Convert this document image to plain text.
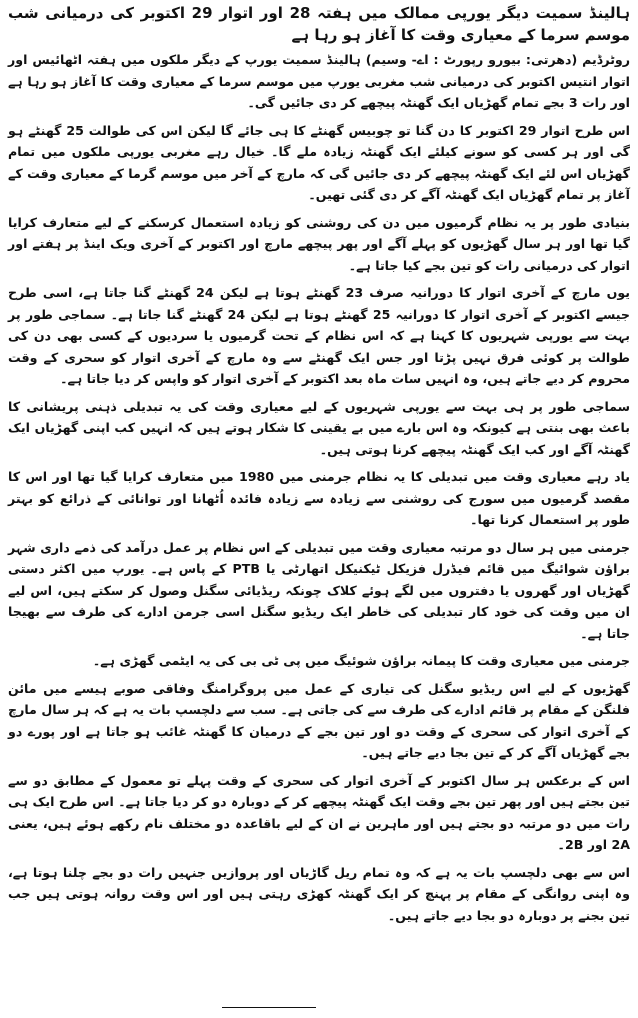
ہالینڈ سمیت دیگر یورپی ممالک میں ہفتہ 28 اور اتوار 29 اکتوبر کی درمیانی شب موسم سرما کے معیاری وقت کا آغاز ہو رہا ہے

روٹرڈیم (دھرتی: بیورو رپورٹ : اے- وسیم) ہالینڈ سمیت یورپ کے دیگر ملکوں میں ہفتہ اٹھائیس اور اتوار انتیس اکتوبر کی درمیانی شب مغربی یورپ میں موسم سرما کے معیاری وقت کا آغاز ہو رہا ہے اور رات 3 بجے تمام گھڑیاں ایک گھنٹہ پیچھے کر دی جائیں گی۔

اس طرح اتوار 29 اکتوبر کا دن گنا تو چوبیس گھنٹے کا ہی جائے گا لیکن اس کی طوالت 25 گھنٹے ہو گی اور ہر کسی کو سونے کیلئے ایک گھنٹہ زیادہ ملے گا۔ خیال رہے مغربی یورپی ملکوں میں تمام گھڑیاں اس لئے ایک گھنٹہ پیچھے کر دی جائیں گی کہ مارچ کے آخر میں موسم گرما کے معیاری وقت کے آغاز پر تمام گھڑیاں ایک گھنٹہ آگے کر دی گئی تھیں۔

بنیادی طور پر یہ نظام گرمیوں میں دن کی روشنی کو زیادہ استعمال کرسکنے کے لیے متعارف کرایا گیا تھا اور ہر سال گھڑیوں کو پہلے آگے اور پھر پیچھے مارچ اور اکتوبر کے آخری ویک اینڈ پر ہفتے اور اتوار کی درمیانی رات کو تین بجے کیا جاتا ہے۔

یوں مارچ کے آخری اتوار کا دورانیہ صرف 23 گھنٹے ہوتا ہے لیکن 24 گھنٹے گنا جاتا ہے، اسی طرح جیسے اکتوبر کے آخری اتوار کا دورانیہ 25 گھنٹے ہوتا ہے لیکن 24 گھنٹے گنا جاتا ہے۔ سماجی طور پر بہت سے یورپی شہریوں کا کہنا ہے کہ اس نظام کے تحت گرمیوں یا سردیوں کے کسی بھی دن کی طوالت پر کوئی فرق نہیں پڑتا اور جس ایک گھنٹے سے وہ مارچ کے آخری اتوار کو سحری کے وقت محروم کر دیے جاتے ہیں، وہ انہیں سات ماہ بعد اکتوبر کے آخری اتوار کو واپس کر دیا جاتا ہے۔

سماجی طور پر ہی بہت سے یورپی شہریوں کے لیے معیاری وقت کی یہ تبدیلی ذہنی پریشانی کا باعث بھی بنتی ہے کیونکہ وہ اس بارے میں بے یقینی کا شکار ہوتے ہیں کہ انہیں کب اپنی گھڑیاں ایک گھنٹہ آگے اور کب ایک گھنٹہ پیچھے کرنا ہوتی ہیں۔

یاد رہے معیاری وقت میں تبدیلی کا یہ نظام جرمنی میں 1980 میں متعارف کرایا گیا تھا اور اس کا مقصد گرمیوں میں سورج کی روشنی سے زیادہ سے زیادہ فائدہ اُٹھانا اور توانائی کے ذرائع کو بہتر طور پر استعمال کرنا تھا۔

جرمنی میں ہر سال دو مرتبہ معیاری وقت میں تبدیلی کے اس نظام پر عمل درآمد کی ذمے داری شہر براؤن شوائیگ میں قائم فیڈرل فزیکل ٹیکنیکل اتھارٹی یا PTB کے پاس ہے۔ یورپ میں اکثر دستی گھڑیاں اور گھروں یا دفتروں میں لگے ہوئے کلاک چونکہ ریڈیائی سگنل وصول کر سکتے ہیں، اس لیے ان میں وقت کی خود کار تبدیلی کی خاطر ایک ریڈیو سگنل اسی جرمن ادارے کی طرف سے بھیجا جاتا ہے۔

جرمنی میں معیاری وقت کا پیمانہ براؤن شوئیگ میں پی ٹی بی کی یہ ایٹمی گھڑی ہے۔

گھڑیوں کے لیے اس ریڈیو سگنل کی تیاری کے عمل میں پروگرامنگ وفاقی صوبے ہیسے میں مائن فلنگن کے مقام پر قائم ادارے کی طرف سے کی جاتی ہے۔ سب سے دلچسپ بات یہ ہے کہ ہر سال مارچ کے آخری اتوار کی سحری کے وقت دو اور تین بجے کے درمیان کا گھنٹہ غائب ہو جاتا ہے اور پورے دو بجے گھڑیاں آگے کر کے تین بجا دیے جاتے ہیں۔

اس کے برعکس ہر سال اکتوبر کے آخری اتوار کی سحری کے وقت پہلے تو معمول کے مطابق دو سے تین بجتے ہیں اور پھر تین بجے وقت ایک گھنٹہ پیچھے کر کے دوبارہ دو کر دیا جاتا ہے۔ اس طرح ایک ہی رات میں دو مرتبہ دو بجتے ہیں اور ماہرین نے ان کے لیے باقاعدہ دو مختلف نام رکھے ہوئے ہیں، یعنی 2A اور 2B۔

اس سے بھی دلچسپ بات یہ ہے کہ وہ تمام ریل گاڑیاں اور پروازیں جنہیں رات دو بجے چلنا ہوتا ہے، وہ اپنی روانگی کے مقام پر پہنچ کر ایک گھنٹہ کھڑی رہتی ہیں اور اس وقت روانہ ہوتی ہیں جب تین بجنے پر دوبارہ دو بجا دیے جاتے ہیں۔
